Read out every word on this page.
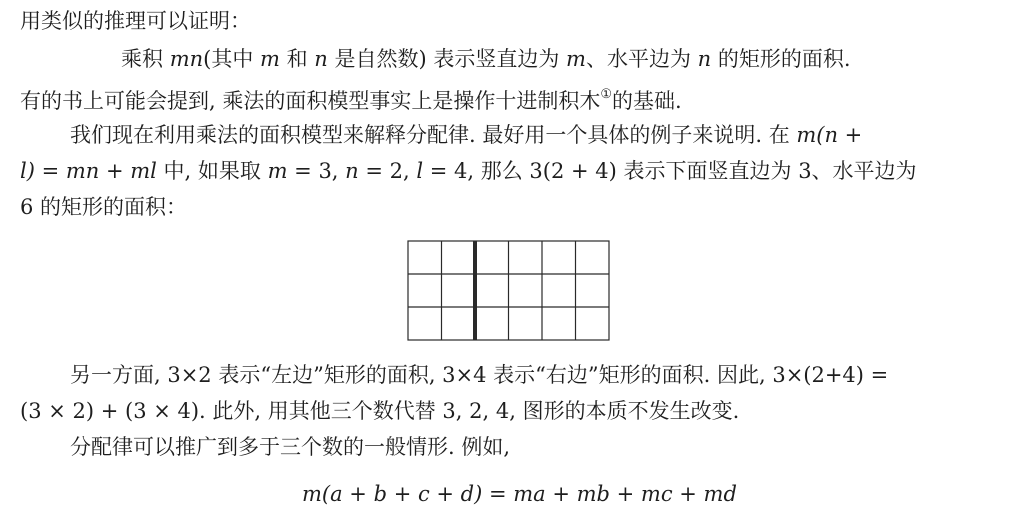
用类似的推理可以证明：
乘积 mn(其中 m 和 n 是自然数) 表示竖直边为 m、水平边为 n 的矩形的面积.
有的书上可能会提到, 乘法的面积模型事实上是操作十进制积木①的基础.
我们现在利用乘法的面积模型来解释分配律. 最好用一个具体的例子来说明. 在 m(n +
l) = mn + ml 中, 如果取 m = 3, n = 2, l = 4, 那么 3(2 + 4) 表示下面竖直边为 3、水平边为
6 的矩形的面积：
另一方面, 3×2 表示“左边”矩形的面积, 3×4 表示“右边”矩形的面积. 因此, 3×(2+4) =
(3 × 2) + (3 × 4). 此外, 用其他三个数代替 3, 2, 4, 图形的本质不发生改变.
分配律可以推广到多于三个数的一般情形. 例如,
m(a + b + c + d) = ma + mb + mc + md
